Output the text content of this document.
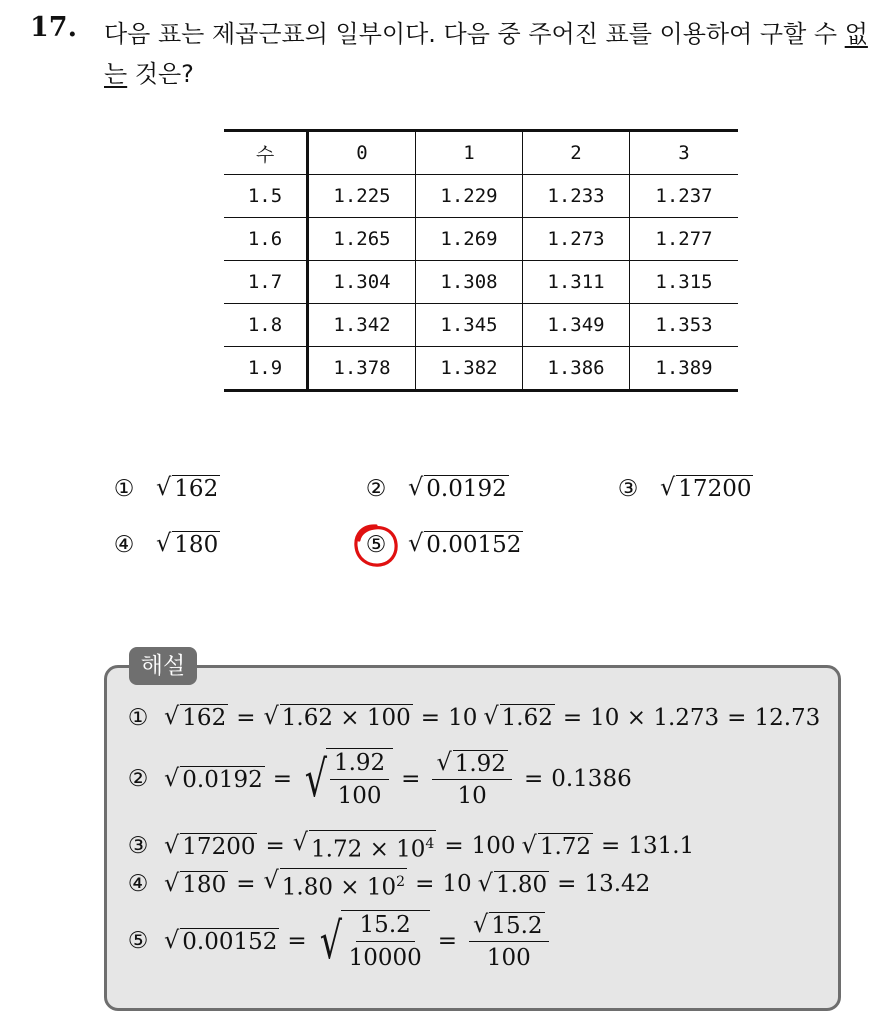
17. 다음 표는 제곱근표의 일부이다. 다음 중 주어진 표를 이용하여 구할 수 없는 것은?
수	0	1	2	3
1.5	1.225	1.229	1.233	1.237
1.6	1.265	1.269	1.273	1.277
1.7	1.304	1.308	1.311	1.315
1.8	1.342	1.345	1.349	1.353
1.9	1.378	1.382	1.386	1.389
① √ 162	② √ 0.0192	③ √ 17200
④ √ 180	⑤ √ 0.00152
해설
① √ 162 = √ 1.62 × 100 = 10 √ 1.62 = 10 × 1.273 = 12.73
② √ 0.0192 = √ $\frac{1.92}{100} = \frac{√ 1.92}{10} = 0.1386$
③ √ 17200 = √ $1.72 \times 10^4 = 100$ √ 1.72 = 131.1
④ √ 180 = √ $1.80 \times 10^2 = 10$ √ 1.80 = 13.42
⑤ √ 0.00152 = √ $\frac{15.2}{10000} = \frac{√ 15.2}{100}$
